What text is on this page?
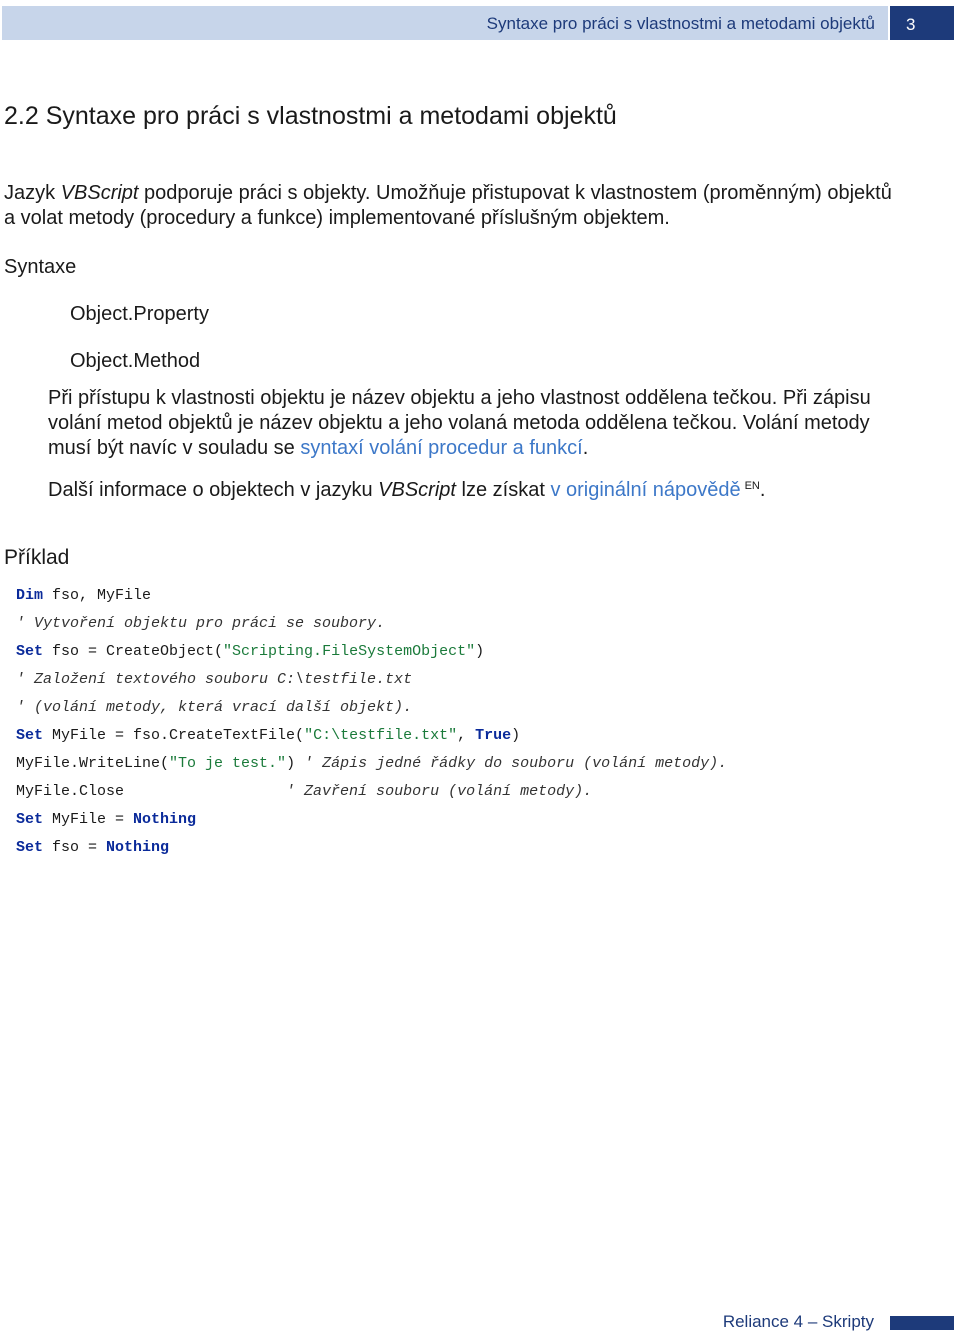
Syntaxe pro práci s vlastnostmi a metodami objektů	3
2.2 Syntaxe pro práci s vlastnostmi a metodami objektů

Jazyk VBScript podporuje práci s objekty. Umožňuje přistupovat k vlastnostem (proměnným) objektů a volat metody (procedury a funkce) implementované příslušným objektem.

Syntaxe

Object.Property

Object.Method

Při přístupu k vlastnosti objektu je název objektu a jeho vlastnost oddělena tečkou. Při zápisu volání metod objektů je název objektu a jeho volaná metoda oddělena tečkou. Volání metody musí být navíc v souladu se syntaxí volání procedur a funkcí.

Další informace o objektech v jazyku VBScript lze získat v originální nápovědě $^{EN}$.

Příklad

Dim fso, MyFile
' Vytvoření objektu pro práci se soubory.
Set fso = CreateObject("Scripting.FileSystemObject")
' Založení textového souboru C:\testfile.txt
' (volání metody, která vrací další objekt).
Set MyFile = fso.CreateTextFile("C:\testfile.txt", True)
MyFile.WriteLine("To je test.") ' Zápis jedné řádky do souboru (volání metody).
MyFile.Close                  ' Zavření souboru (volání metody).
Set MyFile = Nothing
Set fso = Nothing
Reliance 4 – Skripty
